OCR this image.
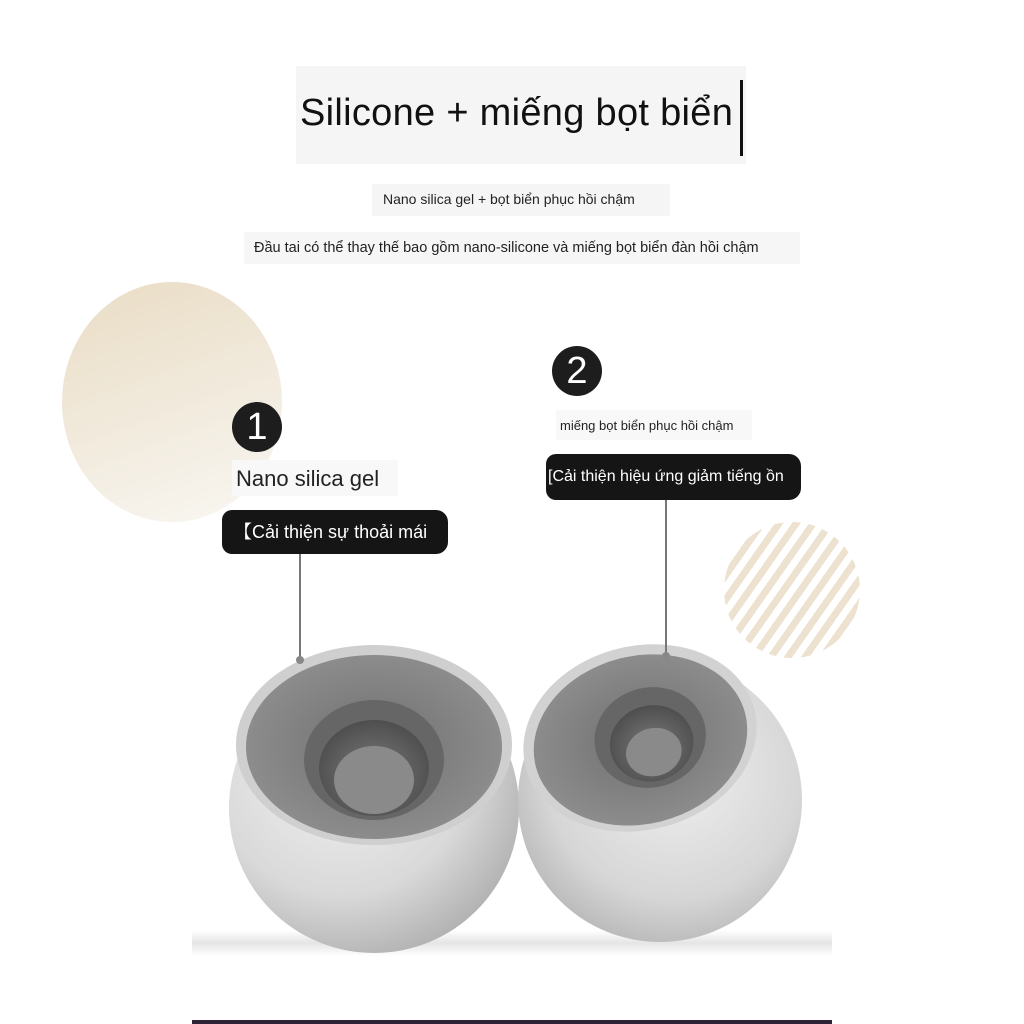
Silicone + miếng bọt biển
Nano silica gel + bọt biển phục hồi chậm
Đầu tai có thể thay thế bao gồm nano-silicone và miếng bọt biển đàn hồi chậm
1
Nano silica gel
【Cải thiện sự thoải mái
2
miếng bọt biển phục hồi chậm
[Cải thiện hiệu ứng giảm tiếng ồn
